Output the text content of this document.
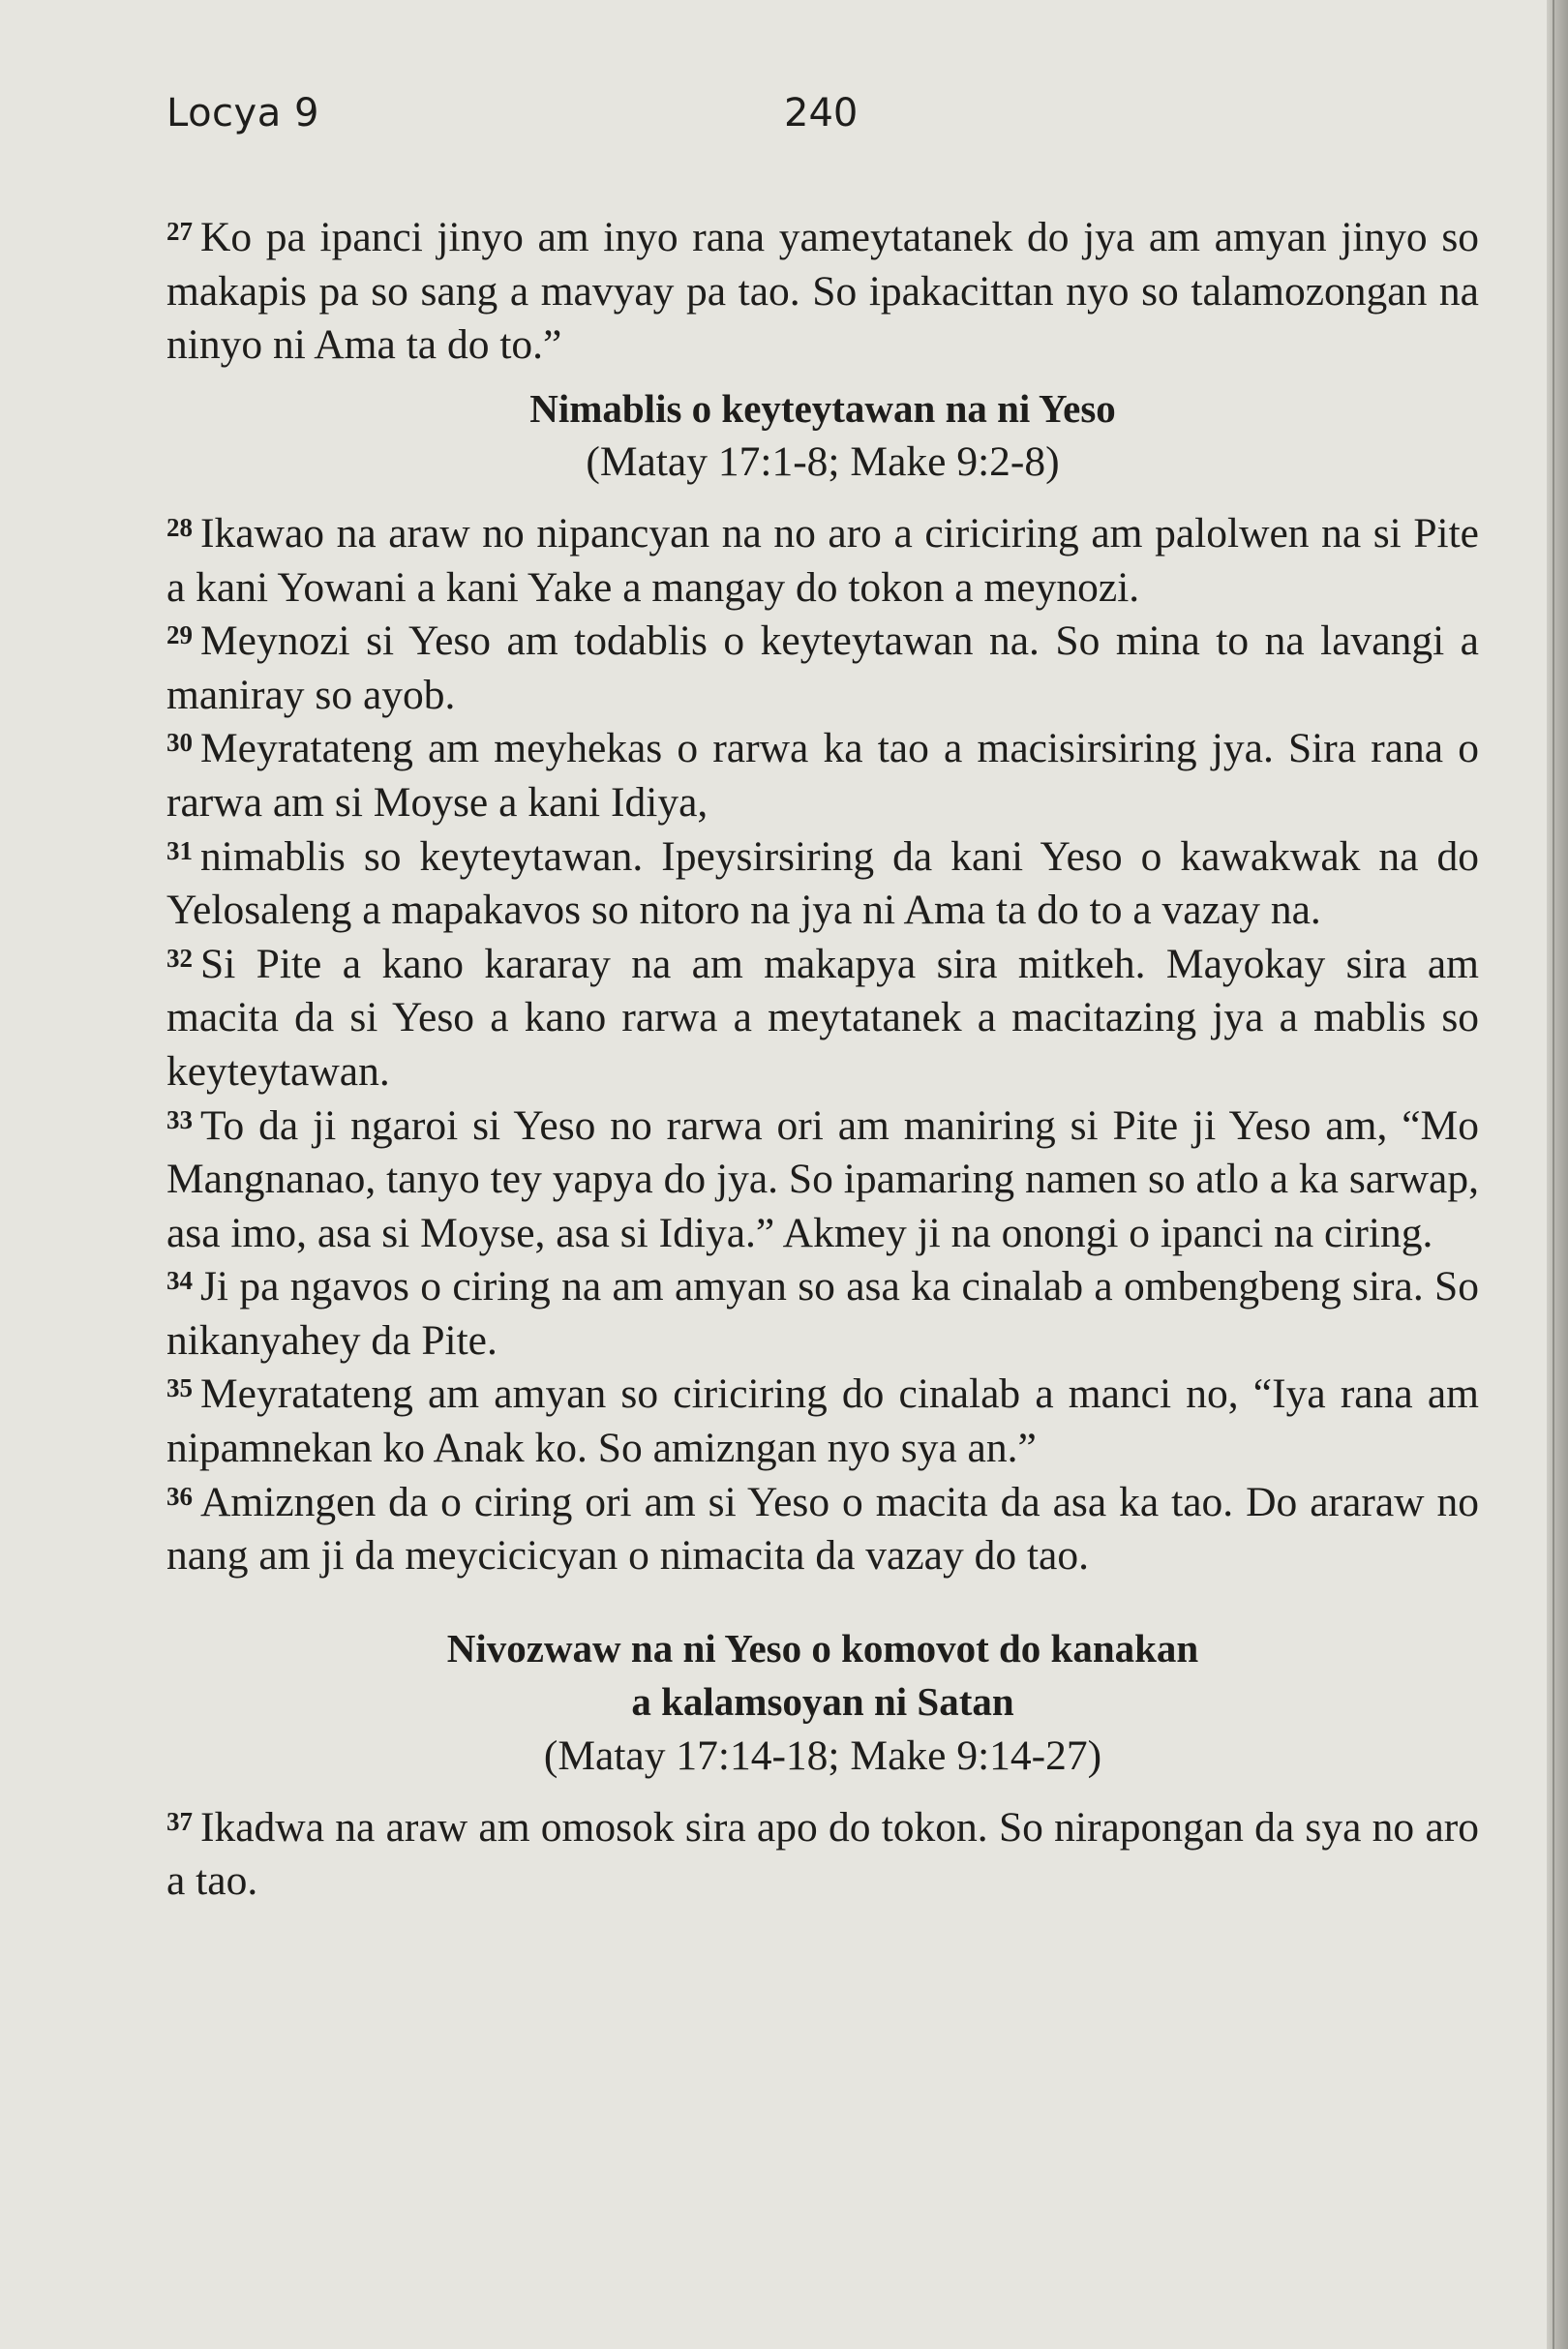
Locya 9	240

$^{27}$ Ko pa ipanci jinyo am inyo rana yameytatanek do jya am amyan jinyo so makapis pa so sang a mavyay pa tao. So ipakacittan nyo so talamozongan na ninyo ni Ama ta do to.”

Nimablis o keyteytawan na ni Yeso

(Matay 17:1-8; Make 9:2-8)

$^{28}$ Ikawao na araw no nipancyan na no aro a ciriciring am palolwen na si Pite a kani Yowani a kani Yake a mangay do tokon a meynozi.

$^{29}$ Meynozi si Yeso am todablis o keyteytawan na. So mina to na lavangi a maniray so ayob.

$^{30}$ Meyratateng am meyhekas o rarwa ka tao a macisirsiring jya. Sira rana o rarwa am si Moyse a kani Idiya,

$^{31}$ nimablis so keyteytawan. Ipeysirsiring da kani Yeso o kawakwak na do Yelosaleng a mapakavos so nitoro na jya ni Ama ta do to a vazay na.

$^{32}$ Si Pite a kano kararay na am makapya sira mitkeh. Mayokay sira am macita da si Yeso a kano rarwa a meytatanek a macitazing jya a mablis so keyteytawan.

$^{33}$ To da ji ngaroi si Yeso no rarwa ori am maniring si Pite ji Yeso am, “Mo Mangnanao, tanyo tey yapya do jya. So ipamaring namen so atlo a ka sarwap, asa imo, asa si Moyse, asa si Idiya.” Akmey ji na onongi o ipanci na ciring.

$^{34}$ Ji pa ngavos o ciring na am amyan so asa ka cinalab a ombengbeng sira. So nikanyahey da Pite.

$^{35}$ Meyratateng am amyan so ciriciring do cinalab a manci no, “Iya rana am nipamnekan ko Anak ko. So amizngan nyo sya an.”

$^{36}$ Amizngen da o ciring ori am si Yeso o macita da asa ka tao. Do araraw no nang am ji da meycicicyan o nimacita da vazay do tao.

Nivozwaw na ni Yeso o komovot do kanakan

a kalamsoyan ni Satan

(Matay 17:14-18; Make 9:14-27)

$^{37}$ Ikadwa na araw am omosok sira apo do tokon. So nirapongan da sya no aro a tao.
